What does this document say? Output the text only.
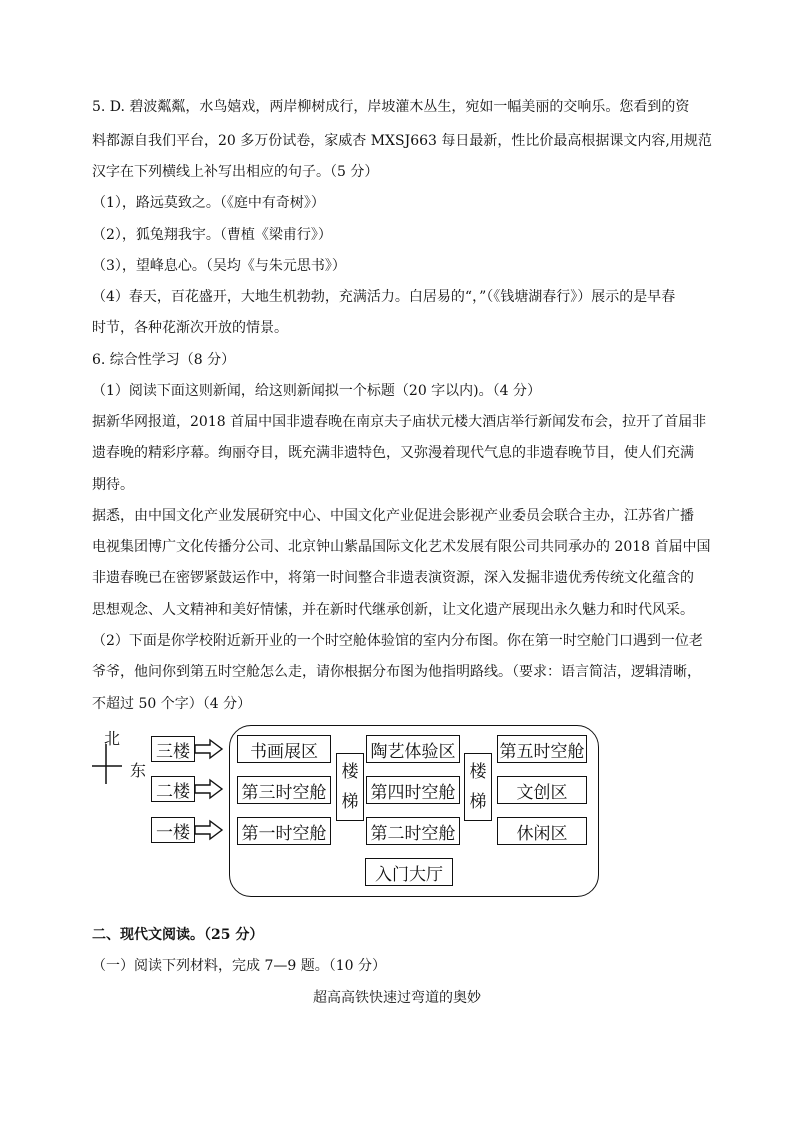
5. D. 碧波粼粼，水鸟嬉戏，两岸柳树成行，岸坡灌木丛生，宛如一幅美丽的交响乐。您看到的资
料都源自我们平台，20 多万份试卷，家威杏 MXSJ663 每日最新，性比价最高根据课文内容,用规范
汉字在下列横线上补写出相应的句子。（5 分）
（1），路远莫致之。（《庭中有奇树》）
（2），狐兔翔我宇。（曹植《梁甫行》）
（3），望峰息心。（吴均《与朱元思书》）
（4）春天，百花盛开，大地生机勃勃，充满活力。白居易的“，”（《钱塘湖春行》）展示的是早春
时节，各种花渐次开放的情景。
6. 综合性学习（8 分）
（1）阅读下面这则新闻，给这则新闻拟一个标题（20 字以内)。（4 分）
据新华网报道，2018 首届中国非遗春晚在南京夫子庙状元楼大酒店举行新闻发布会，拉开了首届非
遗春晚的精彩序幕。绚丽夺目，既充满非遗特色，又弥漫着现代气息的非遗春晚节目，使人们充满
期待。
据悉，由中国文化产业发展研究中心、中国文化产业促进会影视产业委员会联合主办，江苏省广播
电视集团博广文化传播分公司、北京钟山紫晶国际文化艺术发展有限公司共同承办的 2018 首届中国
非遗春晚已在密锣紧鼓运作中，将第一时间整合非遗表演资源，深入发掘非遗优秀传统文化蕴含的
思想观念、人文精神和美好情愫，并在新时代继承创新，让文化遗产展现出永久魅力和时代风采。
（2）下面是你学校附近新开业的一个时空舱体验馆的室内分布图。你在第一时空舱门口遇到一位老
爷爷，他问你到第五时空舱怎么走，请你根据分布图为他指明路线。（要求：语言简洁，逻辑清晰，
不超过 50 个字）（4 分）
北
东
三楼
二楼
一楼
书画展区
第三时空舱
第一时空舱
楼
梯
陶艺体验区
第四时空舱
第二时空舱
楼
梯
第五时空舱
文创区
休闲区
入门大厅
二、现代文阅读。（25 分）
（一）阅读下列材料，完成 7—9 题。（10 分）
超高高铁快速过弯道的奥妙
